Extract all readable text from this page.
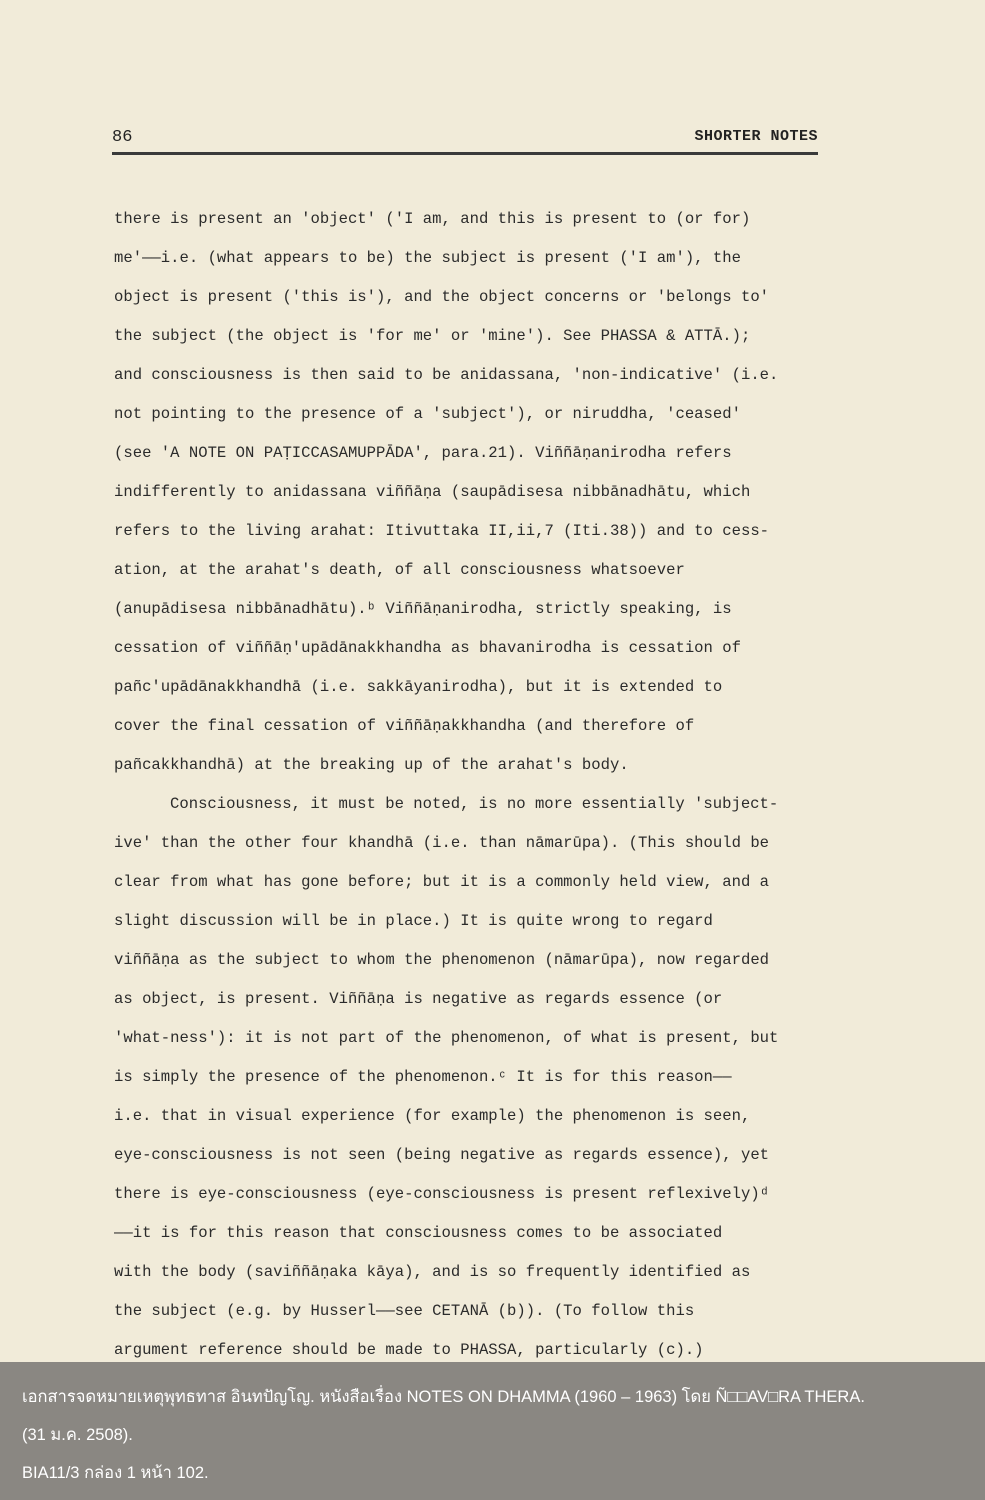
86	SHORTER NOTES
there is present an 'object' ('I am, and this is present to (or for)
me'——i.e. (what appears to be) the subject is present ('I am'), the
object is present ('this is'), and the object concerns or 'belongs to'
the subject (the object is 'for me' or 'mine'). See PHASSA & ATTĀ.);
and consciousness is then said to be anidassana, 'non-indicative' (i.e.
not pointing to the presence of a 'subject'), or niruddha, 'ceased'
(see 'A NOTE ON PAṬICCASAMUPPĀDA', para.21). Viññāṇanirodha refers
indifferently to anidassana viññāṇa (saupādisesa nibbānadhātu, which
refers to the living arahat: Itivuttaka II,ii,7 (Iti.38)) and to cess-
ation, at the arahat's death, of all consciousness whatsoever
(anupādisesa nibbānadhātu).ᵇ Viññāṇanirodha, strictly speaking, is
cessation of viññāṇ'upādānakkhandha as bhavanirodha is cessation of
pañc'upādānakkhandhā (i.e. sakkāyanirodha), but it is extended to
cover the final cessation of viññāṇakkhandha (and therefore of
pañcakkhandhā) at the breaking up of the arahat's body.
Consciousness, it must be noted, is no more essentially 'subject-
ive' than the other four khandhā (i.e. than nāmarūpa). (This should be
clear from what has gone before; but it is a commonly held view, and a
slight discussion will be in place.) It is quite wrong to regard
viññāṇa as the subject to whom the phenomenon (nāmarūpa), now regarded
as object, is present. Viññāṇa is negative as regards essence (or
'what-ness'): it is not part of the phenomenon, of what is present, but
is simply the presence of the phenomenon.ᶜ It is for this reason——
i.e. that in visual experience (for example) the phenomenon is seen,
eye-consciousness is not seen (being negative as regards essence), yet
there is eye-consciousness (eye-consciousness is present reflexively)ᵈ
——it is for this reason that consciousness comes to be associated
with the body (saviññāṇaka kāya), and is so frequently identified as
the subject (e.g. by Husserl——see CETANĀ (b)). (To follow this
argument reference should be made to PHASSA, particularly (c).)
เอกสารจดหมายเหตุพุทธทาส อินทปัญโญ. หนังสือเรื่อง NOTES ON DHAMMA (1960 – 1963) โดย Ñ□□AV□RA THERA.
(31 ม.ค. 2508).
BIA11/3 กล่อง 1 หน้า 102.
